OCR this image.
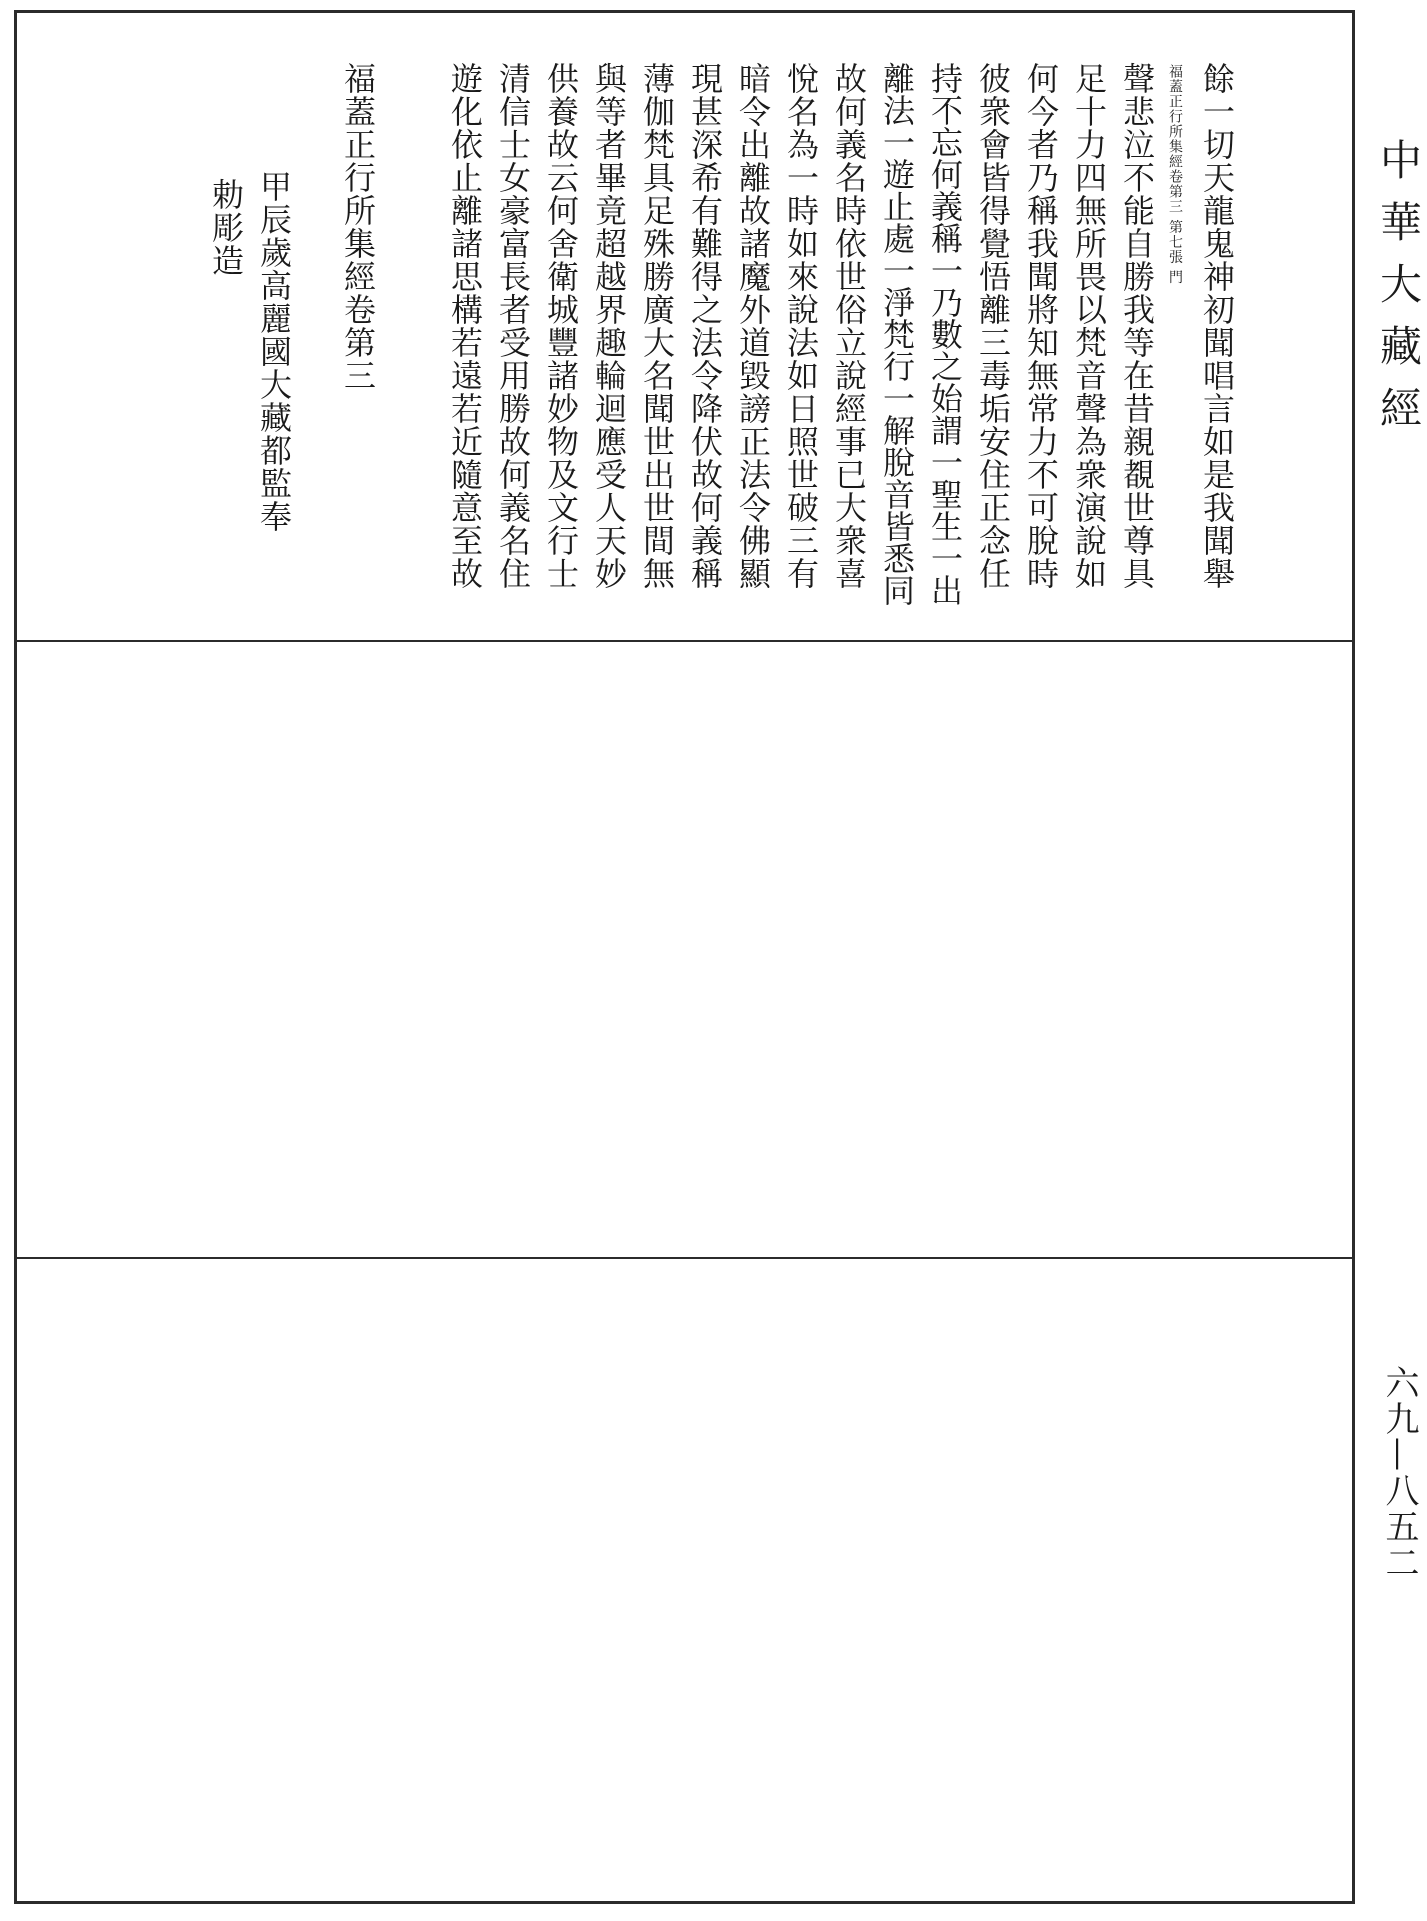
餘一切天龍鬼神初聞唱言如是我聞舉
福蓋正行所集經卷第三 第七張 門
聲悲泣不能自勝我等在昔親覩世尊具
足十力四無所畏以梵音聲為衆演說如
何今者乃稱我聞將知無常力不可脫時
彼衆會皆得覺悟離三毒垢安住正念任
持不忘何義稱一乃數之始謂一聖生一出
離法一遊止處一淨梵行一解脫音皆悉同
故何義名時依世俗立說經事已大衆喜
悅名為一時如來說法如日照世破三有
暗令出離故諸魔外道毀謗正法令佛顯
現甚深希有難得之法令降伏故何義稱
薄伽梵具足殊勝廣大名聞世出世間無
與等者畢竟超越界趣輪迴應受人天妙
供養故云何舍衛城豐諸妙物及文行士
清信士女豪富長者受用勝故何義名住
遊化依止離諸思構若遠若近隨意至故
福蓋正行所集經卷第三
甲辰歲高麗國大藏都監奉
勅彫造	中華大藏經
六九—八五二
